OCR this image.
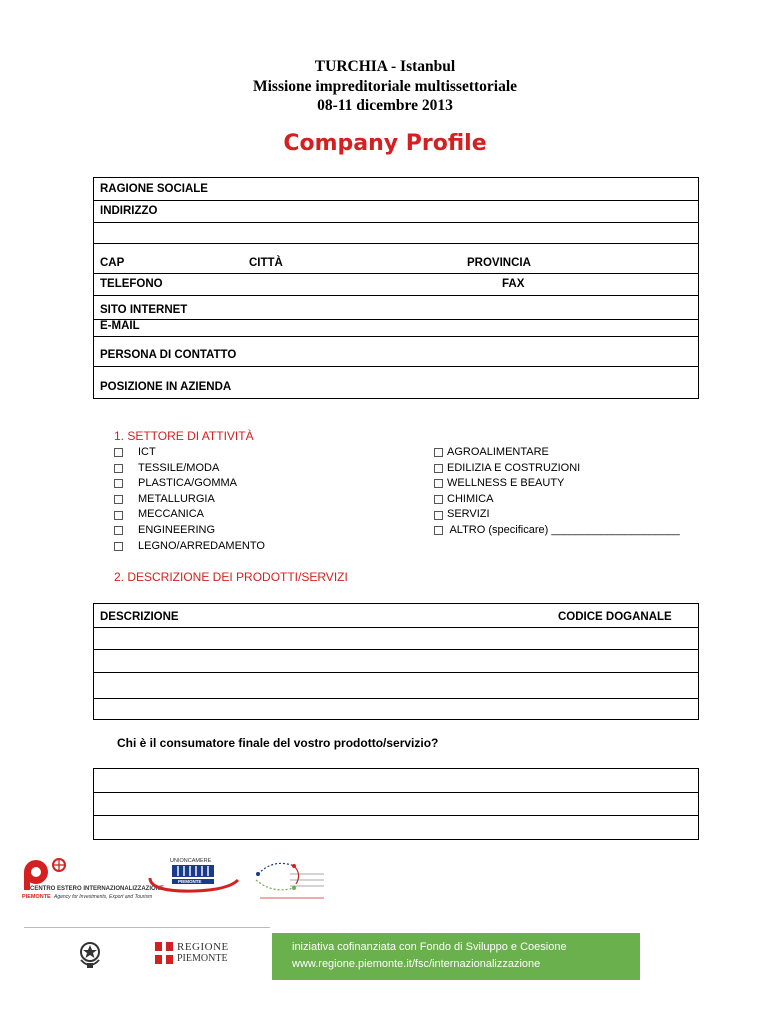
TURCHIA - Istanbul
Missione impreditoriale multissettoriale
08-11 dicembre 2013
Company Profile
RAGIONE SOCIALE
INDIRIZZO
CAP	CITTÀ	PROVINCIA
TELEFONO	FAX
SITO INTERNET
E-MAIL
PERSONA DI CONTATTO
POSIZIONE IN AZIENDA
1. SETTORE DI ATTIVITÀ
ICT
TESSILE/MODA
PLASTICA/GOMMA
METALLURGIA
MECCANICA
ENGINEERING
LEGNO/ARREDAMENTO
AGROALIMENTARE
EDILIZIA E COSTRUZIONI
WELLNESS E BEAUTY
CHIMICA
SERVIZI
ALTRO (specificare) _____________________
2. DESCRIZIONE DEI PRODOTTI/SERVIZI
DESCRIZIONE	CODICE DOGANALE
Chi è il consumatore finale del vostro prodotto/servizio?
CENTRO ESTERO INTERNAZIONALIZZAZIONE
PIEMONTE Agency for Investments, Export and Tourism
UNIONCAMERE
PIEMONTE
REGIONE
PIEMONTE
iniziativa cofinanziata con Fondo di Sviluppo e Coesione
www.regione.piemonte.it/fsc/internazionalizzazione
